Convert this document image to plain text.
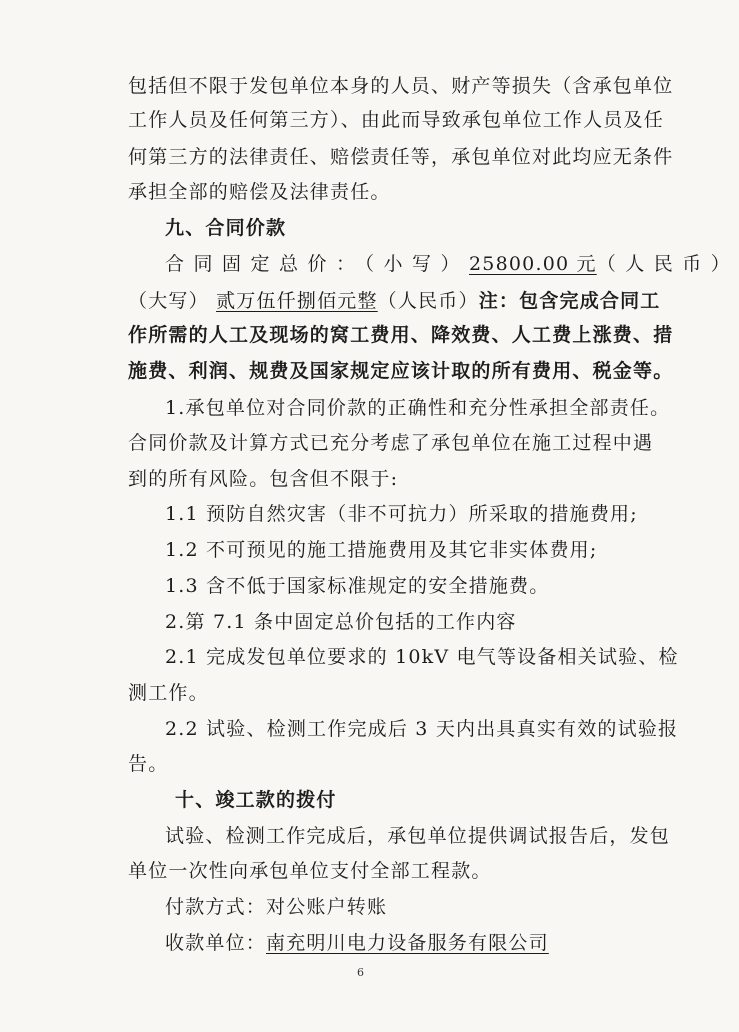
包括但不限于发包单位本身的人员、财产等损失（含承包单位
工作人员及任何第三方）、由此而导致承包单位工作人员及任
何第三方的法律责任、赔偿责任等，承包单位对此均应无条件
承担全部的赔偿及法律责任。
九、合同价款
合同固定总价：（小写）25800.00 元（人民币）
（大写） 贰万伍仟捌佰元整（人民币）注：包含完成合同工
作所需的人工及现场的窝工费用、降效费、人工费上涨费、措
施费、利润、规费及国家规定应该计取的所有费用、税金等。
1.承包单位对合同价款的正确性和充分性承担全部责任。
合同价款及计算方式已充分考虑了承包单位在施工过程中遇
到的所有风险。包含但不限于:
1.1 预防自然灾害（非不可抗力）所采取的措施费用;
1.2 不可预见的施工措施费用及其它非实体费用;
1.3 含不低于国家标准规定的安全措施费。
2.第 7.1 条中固定总价包括的工作内容
2.1 完成发包单位要求的 10kV 电气等设备相关试验、检
测工作。
2.2 试验、检测工作完成后 3 天内出具真实有效的试验报
告。
十、竣工款的拨付
试验、检测工作完成后，承包单位提供调试报告后，发包
单位一次性向承包单位支付全部工程款。
付款方式：对公账户转账
收款单位：南充明川电力设备服务有限公司
6
